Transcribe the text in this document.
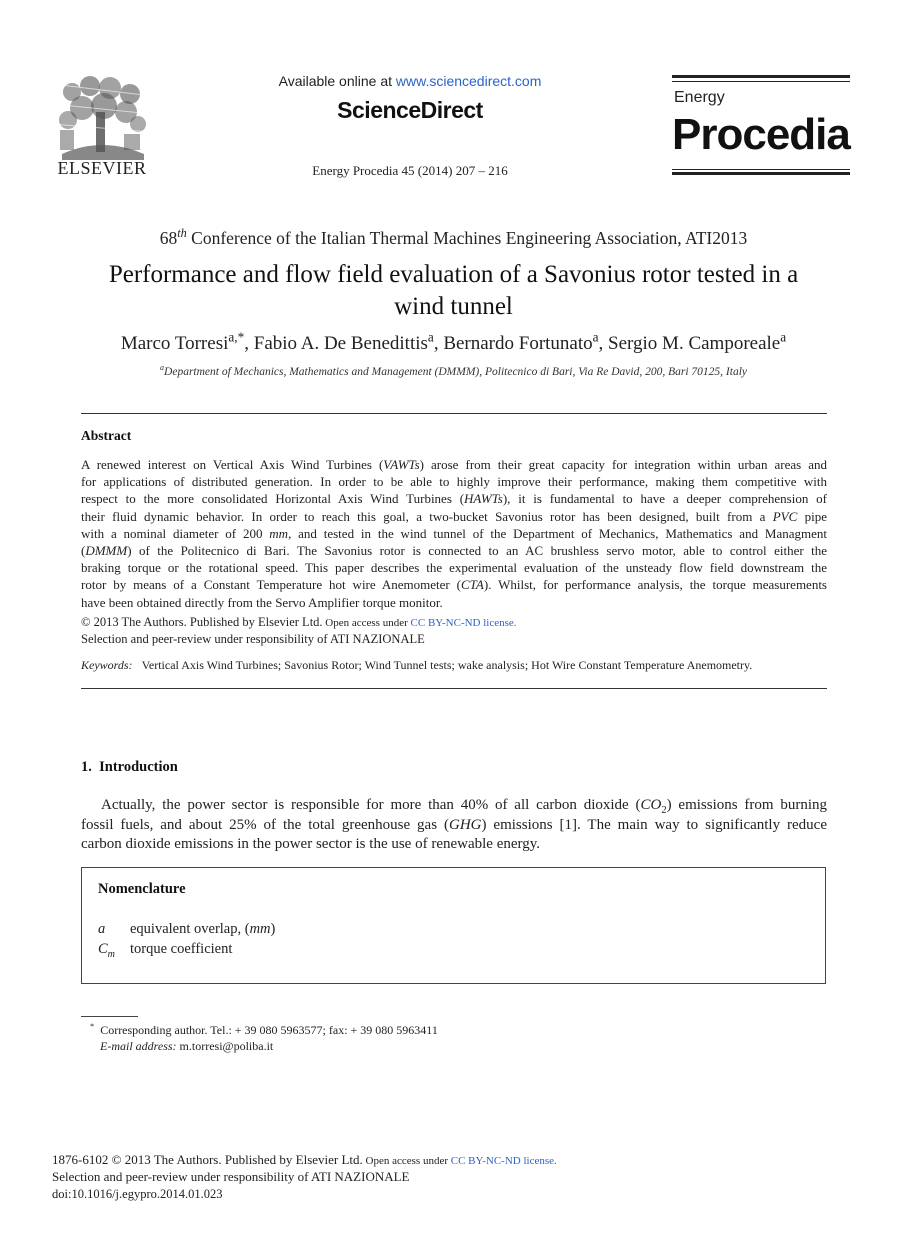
ELSEVIER
Available online at www.sciencedirect.com
ScienceDirect
Energy Procedia 45 (2014) 207 – 216
Energy
Procedia
68th Conference of the Italian Thermal Machines Engineering Association, ATI2013
Performance and flow field evaluation of a Savonius rotor tested in a
wind tunnel
Marco Torresi$^{a,*}$, Fabio A. De Benedittis$^a$, Bernardo Fortunato$^a$, Sergio M. Camporeale$^a$
$^a$Department of Mechanics, Mathematics and Management (DMMM), Politecnico di Bari, Via Re David, 200, Bari 70125, Italy
Abstract
A renewed interest on Vertical Axis Wind Turbines (VAWTs) arose from their great capacity for integration within urban areas and
for applications of distributed generation. In order to be able to highly improve their performance, making them competitive with
respect to the more consolidated Horizontal Axis Wind Turbines (HAWTs), it is fundamental to have a deeper comprehension of
their fluid dynamic behavior. In order to reach this goal, a two-bucket Savonius rotor has been designed, built from a PVC pipe
with a nominal diameter of 200 mm, and tested in the wind tunnel of the Department of Mechanics, Mathematics and Managment
(DMMM) of the Politecnico di Bari. The Savonius rotor is connected to an AC brushless servo motor, able to control either the
braking torque or the rotational speed. This paper describes the experimental evaluation of the unsteady flow field downstream the
rotor by means of a Constant Temperature hot wire Anemometer (CTA). Whilst, for performance analysis, the torque measurements
have been obtained directly from the Servo Amplifier torque monitor.
© 2013 The Authors. Published by Elsevier Ltd. Open access under CC BY-NC-ND license.
Selection and peer-review under responsibility of ATI NAZIONALE
Keywords: Vertical Axis Wind Turbines; Savonius Rotor; Wind Tunnel tests; wake analysis; Hot Wire Constant Temperature Anemometry.
1.  Introduction
Actually, the power sector is responsible for more than 40% of all carbon dioxide $(CO_2)$ emissions from burning
fossil fuels, and about 25% of the total greenhouse gas (GHG) emissions [1]. The main way to significantly reduce
carbon dioxide emissions in the power sector is the use of renewable energy.
Nomenclature
a	equivalent overlap, (mm)
$C_m$	torque coefficient
* Corresponding author. Tel.: + 39 080 5963577; fax: + 39 080 5963411
E-mail address: m.torresi@poliba.it
1876-6102 © 2013 The Authors. Published by Elsevier Ltd. Open access under CC BY-NC-ND license.
Selection and peer-review under responsibility of ATI NAZIONALE
doi:10.1016/j.egypro.2014.01.023
